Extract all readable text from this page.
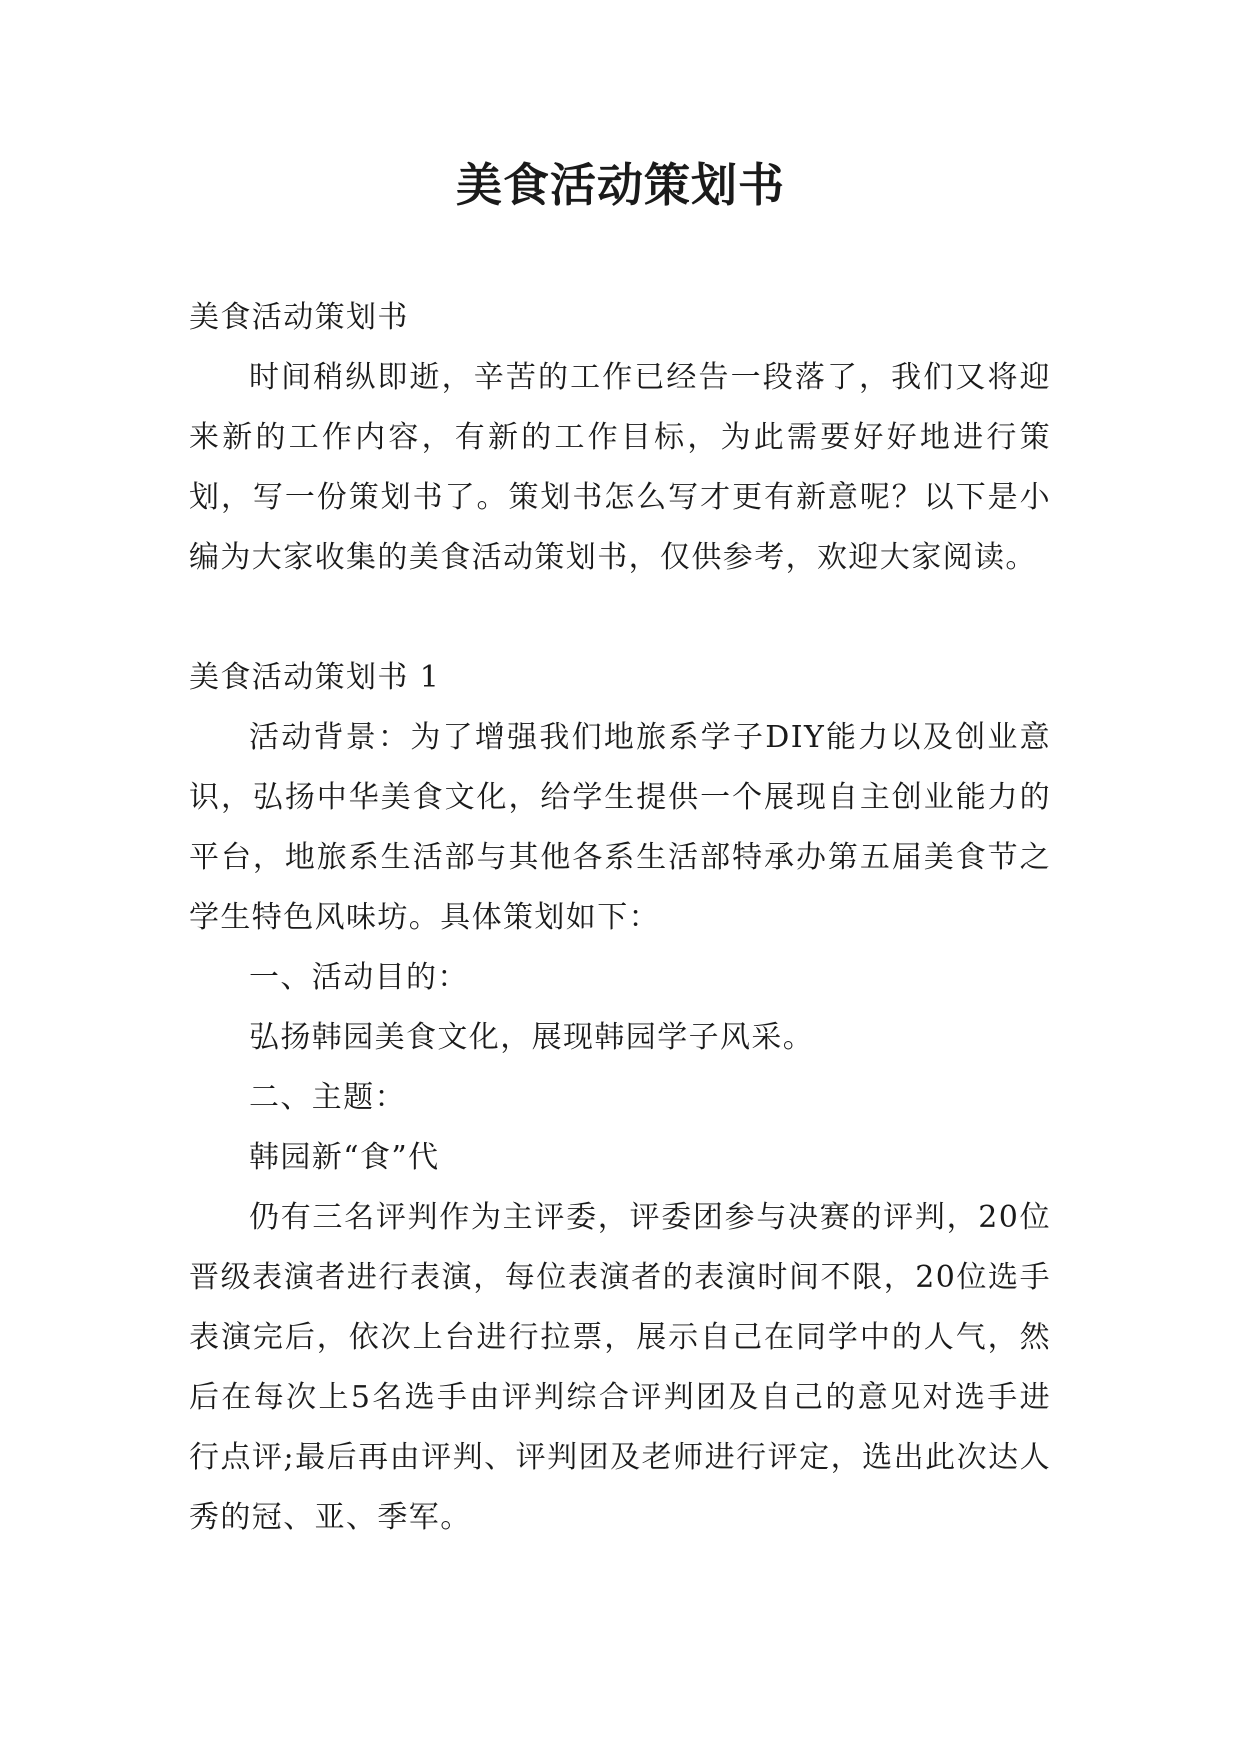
美食活动策划书

美食活动策划书

时间稍纵即逝，辛苦的工作已经告一段落了，我们又将迎来新的工作内容，有新的工作目标，为此需要好好地进行策划，写一份策划书了。策划书怎么写才更有新意呢？以下是小编为大家收集的美食活动策划书，仅供参考，欢迎大家阅读。

美食活动策划书 1

活动背景：为了增强我们地旅系学子DIY能力以及创业意识，弘扬中华美食文化，给学生提供一个展现自主创业能力的平台，地旅系生活部与其他各系生活部特承办第五届美食节之学生特色风味坊。具体策划如下：

一、活动目的：

弘扬韩园美食文化，展现韩园学子风采。

二、主题：

韩园新“食”代

仍有三名评判作为主评委，评委团参与决赛的评判，20位晋级表演者进行表演，每位表演者的表演时间不限，20位选手表演完后，依次上台进行拉票，展示自己在同学中的人气，然后在每次上5名选手由评判综合评判团及自己的意见对选手进行点评;最后再由评判、评判团及老师进行评定，选出此次达人秀的冠、亚、季军。
